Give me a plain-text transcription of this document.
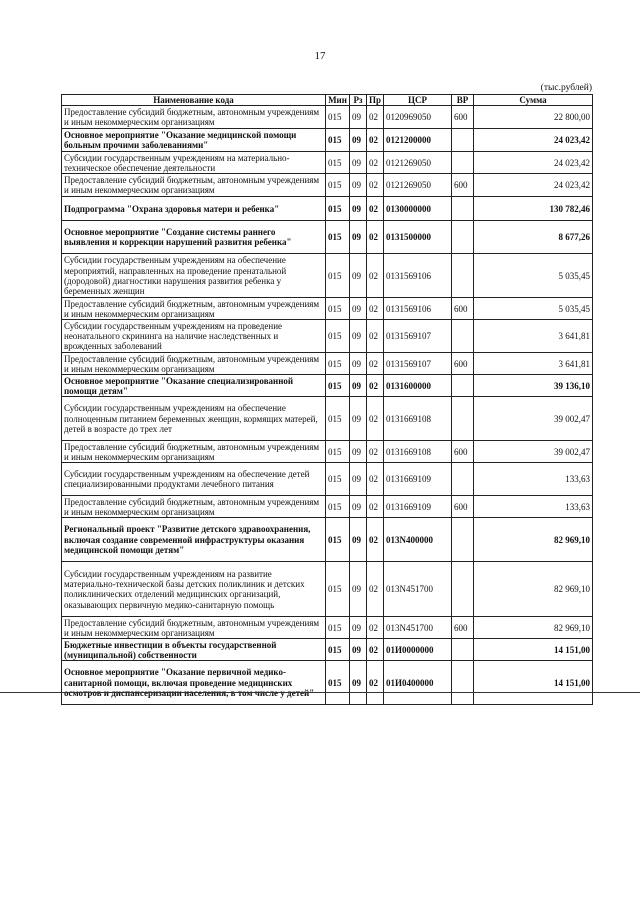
17
(тыс.рублей)
Наименование кода	Мин	Рз	Пр	ЦСР	ВР	Сумма
Предоставление субсидий бюджетным, автономным учреждениям и иным некоммерческим организациям	015	09	02	0120969050	600	22 800,00
Основное мероприятие "Оказание медицинской помощи больным прочими заболеваниями"	015	09	02	0121200000		24 023,42
Субсидии государственным учреждениям на материально-техническое обеспечение деятельности	015	09	02	0121269050		24 023,42
Предоставление субсидий бюджетным, автономным учреждениям и иным некоммерческим организациям	015	09	02	0121269050	600	24 023,42
Подпрограмма "Охрана здоровья матери и ребенка"	015	09	02	0130000000		130 782,46
Основное мероприятие "Создание системы раннего выявления и коррекции нарушений развития ребенка"	015	09	02	0131500000		8 677,26
Субсидии государственным учреждениям на обеспечение мероприятий, направленных на проведение пренатальной (дородовой) диагностики нарушения развития ребенка у беременных женщин	015	09	02	0131569106		5 035,45
Предоставление субсидий бюджетным, автономным учреждениям и иным некоммерческим организациям	015	09	02	0131569106	600	5 035,45
Субсидии государственным учреждениям на проведение неонатального скрининга на наличие наследственных и врожденных заболеваний	015	09	02	0131569107		3 641,81
Предоставление субсидий бюджетным, автономным учреждениям и иным некоммерческим организациям	015	09	02	0131569107	600	3 641,81
Основное мероприятие "Оказание специализированной помощи детям"	015	09	02	0131600000		39 136,10
Субсидии государственным учреждениям на обеспечение полноценным питанием беременных женщин, кормящих матерей, детей в возрасте до трех лет	015	09	02	0131669108		39 002,47
Предоставление субсидий бюджетным, автономным учреждениям и иным некоммерческим организациям	015	09	02	0131669108	600	39 002,47
Субсидии государственным учреждениям на обеспечение детей специализированными продуктами лечебного питания	015	09	02	0131669109		133,63
Предоставление субсидий бюджетным, автономным учреждениям и иным некоммерческим организациям	015	09	02	0131669109	600	133,63
Региональный проект "Развитие детского здравоохранения, включая создание современной инфраструктуры оказания медицинской помощи детям"	015	09	02	013N400000		82 969,10
Субсидии государственным учреждениям на развитие материально-технической базы детских поликлиник и детских поликлинических отделений медицинских организаций, оказывающих первичную медико-санитарную помощь	015	09	02	013N451700		82 969,10
Предоставление субсидий бюджетным, автономным учреждениям и иным некоммерческим организациям	015	09	02	013N451700	600	82 969,10
Бюджетные инвестиции в объекты государственной (муниципальной) собственности	015	09	02	01И0000000		14 151,00
Основное мероприятие "Оказание первичной медико-санитарной помощи, включая проведение медицинских осмотров и диспансеризации населения, в том числе у детей"	015	09	02	01И0400000		14 151,00
